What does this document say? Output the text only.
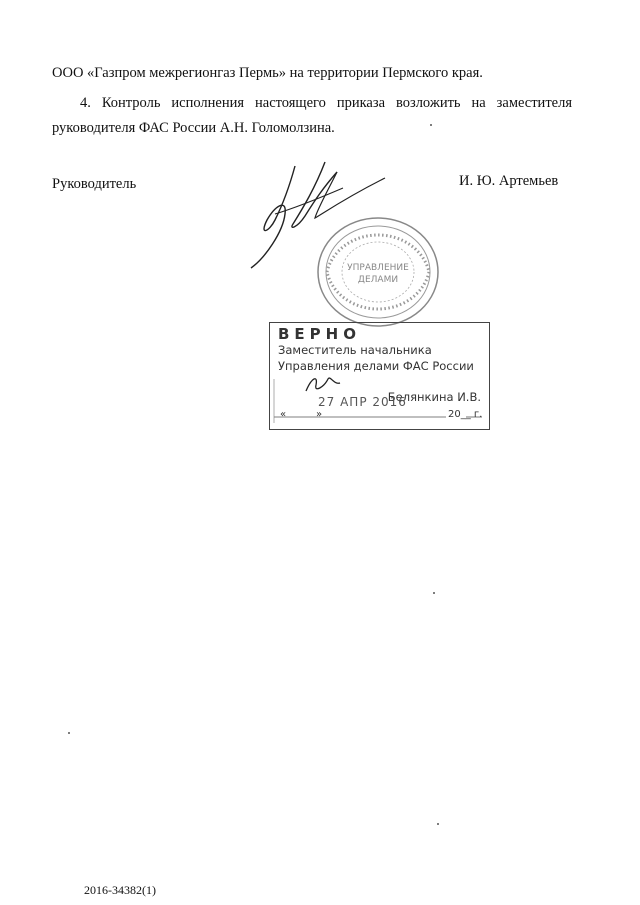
ООО «Газпром межрегионгаз Пермь» на территории Пермского края.
4. Контроль исполнения настоящего приказа возложить на заместителя
руководителя ФАС России А.Н. Голомолзина.
Руководитель	И. Ю. Артемьев
УПРАВЛЕНИЕ
ДЕЛАМИ
ВЕРНО
Заместитель начальника
Управления делами ФАС России
Белянкина И.В.
27 АПР 2016
«	»	20__ г.
2016-34382(1)
